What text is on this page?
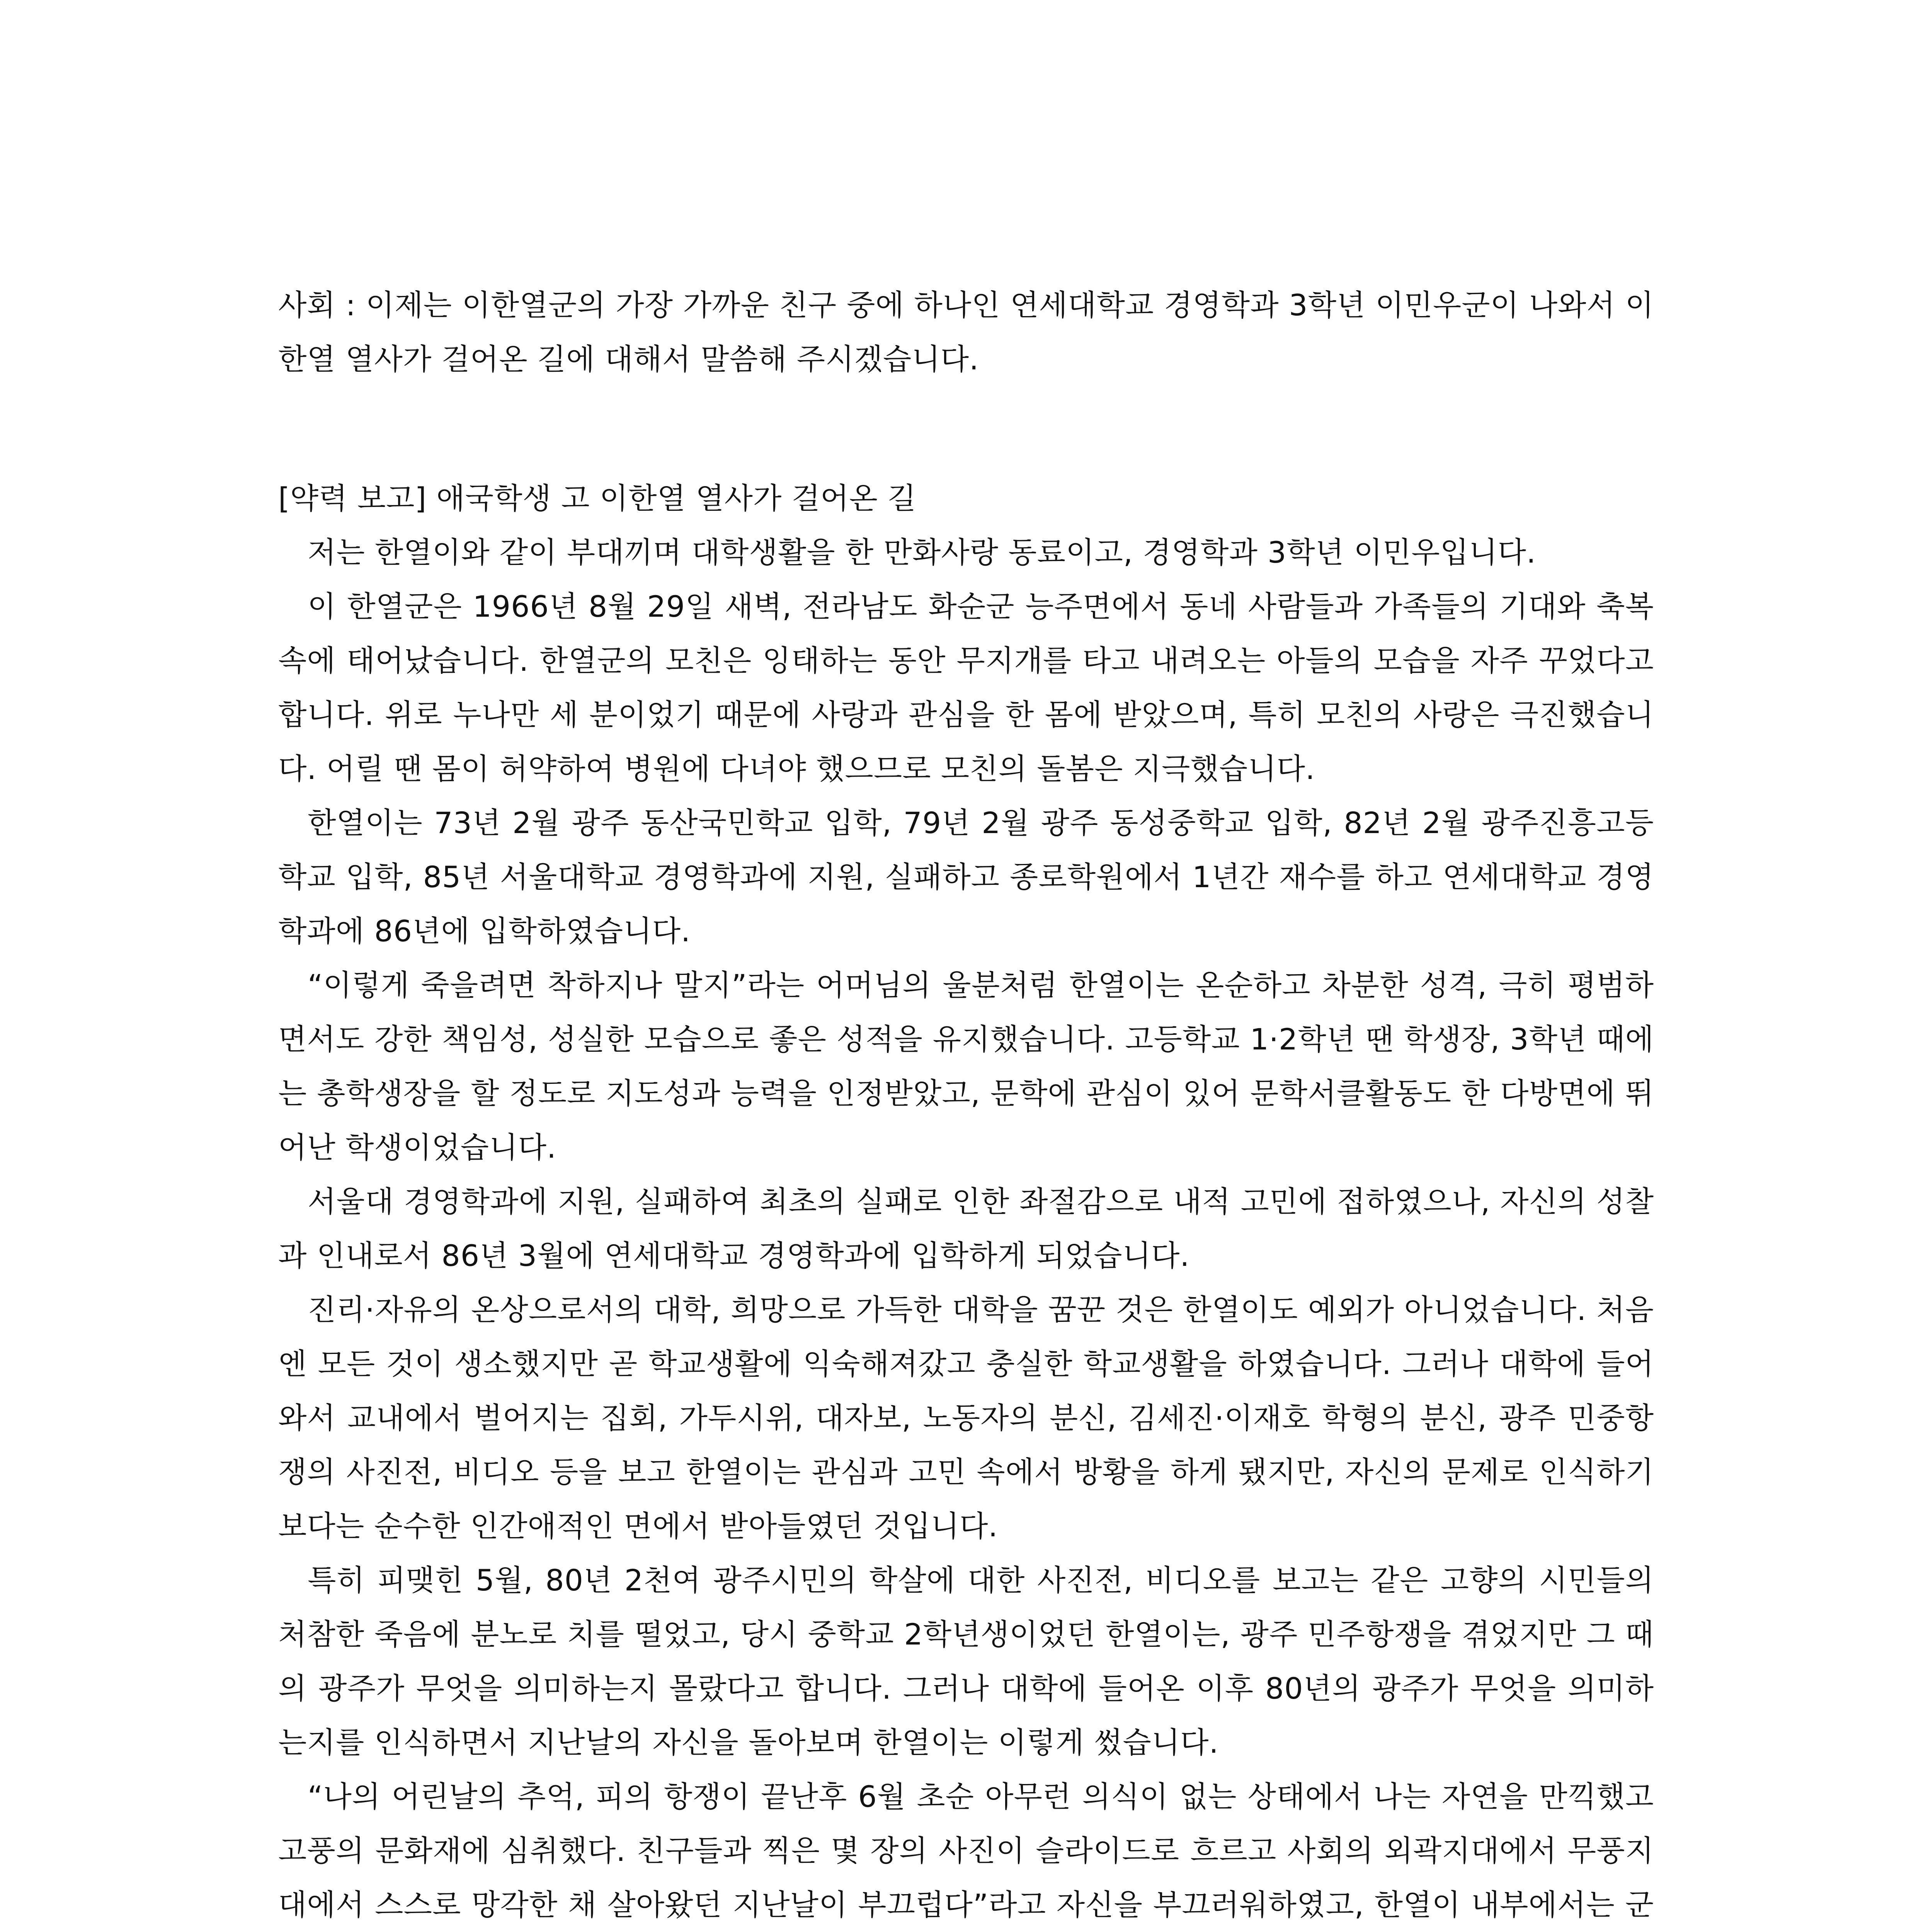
사회 : 이제는 이한열군의 가장 가까운 친구 중에 하나인 연세대학교 경영학과 3학년 이민우군이 나와서 이한열 열사가 걸어온 길에 대해서 말씀해 주시겠습니다.

[약력 보고] 애국학생 고 이한열 열사가 걸어온 길

저는 한열이와 같이 부대끼며 대학생활을 한 만화사랑 동료이고, 경영학과 3학년 이민우입니다.

이 한열군은 1966년 8월 29일 새벽, 전라남도 화순군 능주면에서 동네 사람들과 가족들의 기대와 축복 속에 태어났습니다. 한열군의 모친은 잉태하는 동안 무지개를 타고 내려오는 아들의 모습을 자주 꾸었다고 합니다. 위로 누나만 세 분이었기 때문에 사랑과 관심을 한 몸에 받았으며, 특히 모친의 사랑은 극진했습니다. 어릴 땐 몸이 허약하여 병원에 다녀야 했으므로 모친의 돌봄은 지극했습니다.

한열이는 73년 2월 광주 동산국민학교 입학, 79년 2월 광주 동성중학교 입학, 82년 2월 광주진흥고등학교 입학, 85년 서울대학교 경영학과에 지원, 실패하고 종로학원에서 1년간 재수를 하고 연세대학교 경영학과에 86년에 입학하였습니다.

“이렇게 죽을려면 착하지나 말지”라는 어머님의 울분처럼 한열이는 온순하고 차분한 성격, 극히 평범하면서도 강한 책임성, 성실한 모습으로 좋은 성적을 유지했습니다. 고등학교 1·2학년 땐 학생장, 3학년 때에는 총학생장을 할 정도로 지도성과 능력을 인정받았고, 문학에 관심이 있어 문학서클활동도 한 다방면에 뛰어난 학생이었습니다.

서울대 경영학과에 지원, 실패하여 최초의 실패로 인한 좌절감으로 내적 고민에 접하였으나, 자신의 성찰과 인내로서 86년 3월에 연세대학교 경영학과에 입학하게 되었습니다.

진리·자유의 온상으로서의 대학, 희망으로 가득한 대학을 꿈꾼 것은 한열이도 예외가 아니었습니다. 처음엔 모든 것이 생소했지만 곧 학교생활에 익숙해져갔고 충실한 학교생활을 하였습니다. 그러나 대학에 들어와서 교내에서 벌어지는 집회, 가두시위, 대자보, 노동자의 분신, 김세진·이재호 학형의 분신, 광주 민중항쟁의 사진전, 비디오 등을 보고 한열이는 관심과 고민 속에서 방황을 하게 됐지만, 자신의 문제로 인식하기보다는 순수한 인간애적인 면에서 받아들였던 것입니다.

특히 피맺힌 5월, 80년 2천여 광주시민의 학살에 대한 사진전, 비디오를 보고는 같은 고향의 시민들의 처참한 죽음에 분노로 치를 떨었고, 당시 중학교 2학년생이었던 한열이는, 광주 민주항쟁을 겪었지만 그 때의 광주가 무엇을 의미하는지 몰랐다고 합니다. 그러나 대학에 들어온 이후 80년의 광주가 무엇을 의미하는지를 인식하면서 지난날의 자신을 돌아보며 한열이는 이렇게 썼습니다.

“나의 어린날의 추억, 피의 항쟁이 끝난후 6월 초순 아무런 의식이 없는 상태에서 나는 자연을 만끽했고 고풍의 문화재에 심취했다. 친구들과 찍은 몇 장의 사진이 슬라이드로 흐르고 사회의 외곽지대에서 무풍지대에서 스스로 망각한 채 살아왔던 지난날이 부끄럽다”라고 자신을 부끄러워하였고, 한열이 내부에서는 군
